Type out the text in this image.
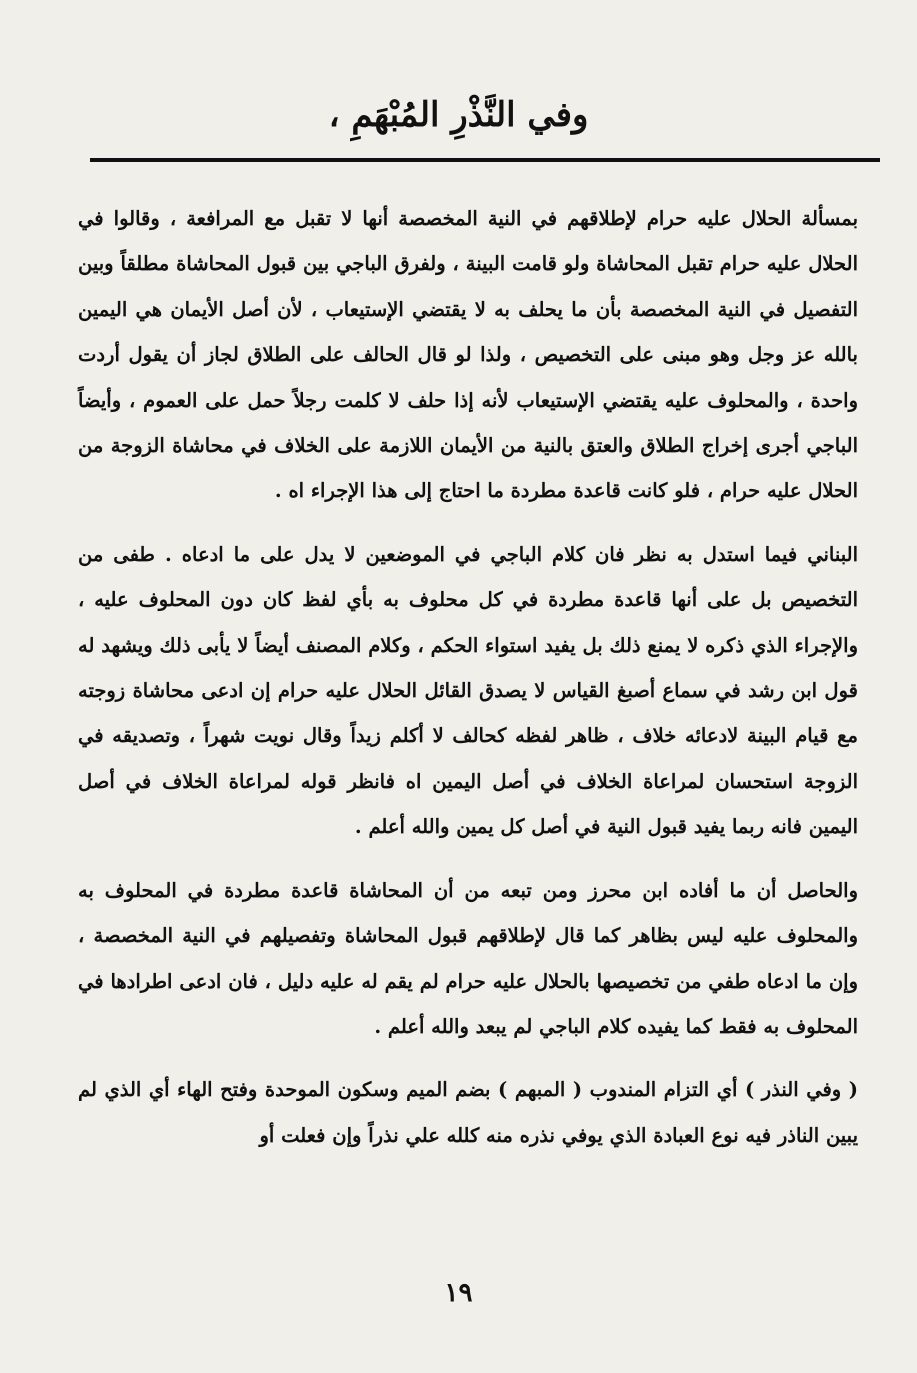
وفي النَّذْرِ المُبْهَمِ ،

بمسألة الحلال عليه حرام لإطلاقهم في النية المخصصة أنها لا تقبل مع المرافعة ، وقالوا في الحلال عليه حرام تقبل المحاشاة ولو قامت البينة ، ولفرق الباجي بين قبول المحاشاة مطلقاً وبين التفصيل في النية المخصصة بأن ما يحلف به لا يقتضي الإستيعاب ، لأن أصل الأيمان هي اليمين بالله عز وجل وهو مبنى على التخصيص ، ولذا لو قال الحالف على الطلاق لجاز أن يقول أردت واحدة ، والمحلوف عليه يقتضي الإستيعاب لأنه إذا حلف لا كلمت رجلاً حمل على العموم ، وأيضاً الباجي أجرى إخراج الطلاق والعتق بالنية من الأيمان اللازمة على الخلاف في محاشاة الزوجة من الحلال عليه حرام ، فلو كانت قاعدة مطردة ما احتاج إلى هذا الإجراء اه .

البناني فيما استدل به نظر فان كلام الباجي في الموضعين لا يدل على ما ادعاه . طفى من التخصيص بل على أنها قاعدة مطردة في كل محلوف به بأي لفظ كان دون المحلوف عليه ، والإجراء الذي ذكره لا يمنع ذلك بل يفيد استواء الحكم ، وكلام المصنف أيضاً لا يأبى ذلك ويشهد له قول ابن رشد في سماع أصبغ القياس لا يصدق القائل الحلال عليه حرام إن ادعى محاشاة زوجته مع قيام البينة لادعائه خلاف ، ظاهر لفظه كحالف لا أكلم زيداً وقال نويت شهراً ، وتصديقه في الزوجة استحسان لمراعاة الخلاف في أصل اليمين اه فانظر قوله لمراعاة الخلاف في أصل اليمين فانه ربما يفيد قبول النية في أصل كل يمين والله أعلم .

والحاصل أن ما أفاده ابن محرز ومن تبعه من أن المحاشاة قاعدة مطردة في المحلوف به والمحلوف عليه ليس بظاهر كما قال لإطلاقهم قبول المحاشاة وتفصيلهم في النية المخصصة ، وإن ما ادعاه طفي من تخصيصها بالحلال عليه حرام لم يقم له عليه دليل ، فان ادعى اطرادها في المحلوف به فقط كما يفيده كلام الباجي لم يبعد والله أعلم .

( وفي النذر ) أي التزام المندوب ( المبهم ) بضم الميم وسكون الموحدة وفتح الهاء أي الذي لم يبين الناذر فيه نوع العبادة الذي يوفي نذره منه كلله علي نذراً وإن فعلت أو

١٩
